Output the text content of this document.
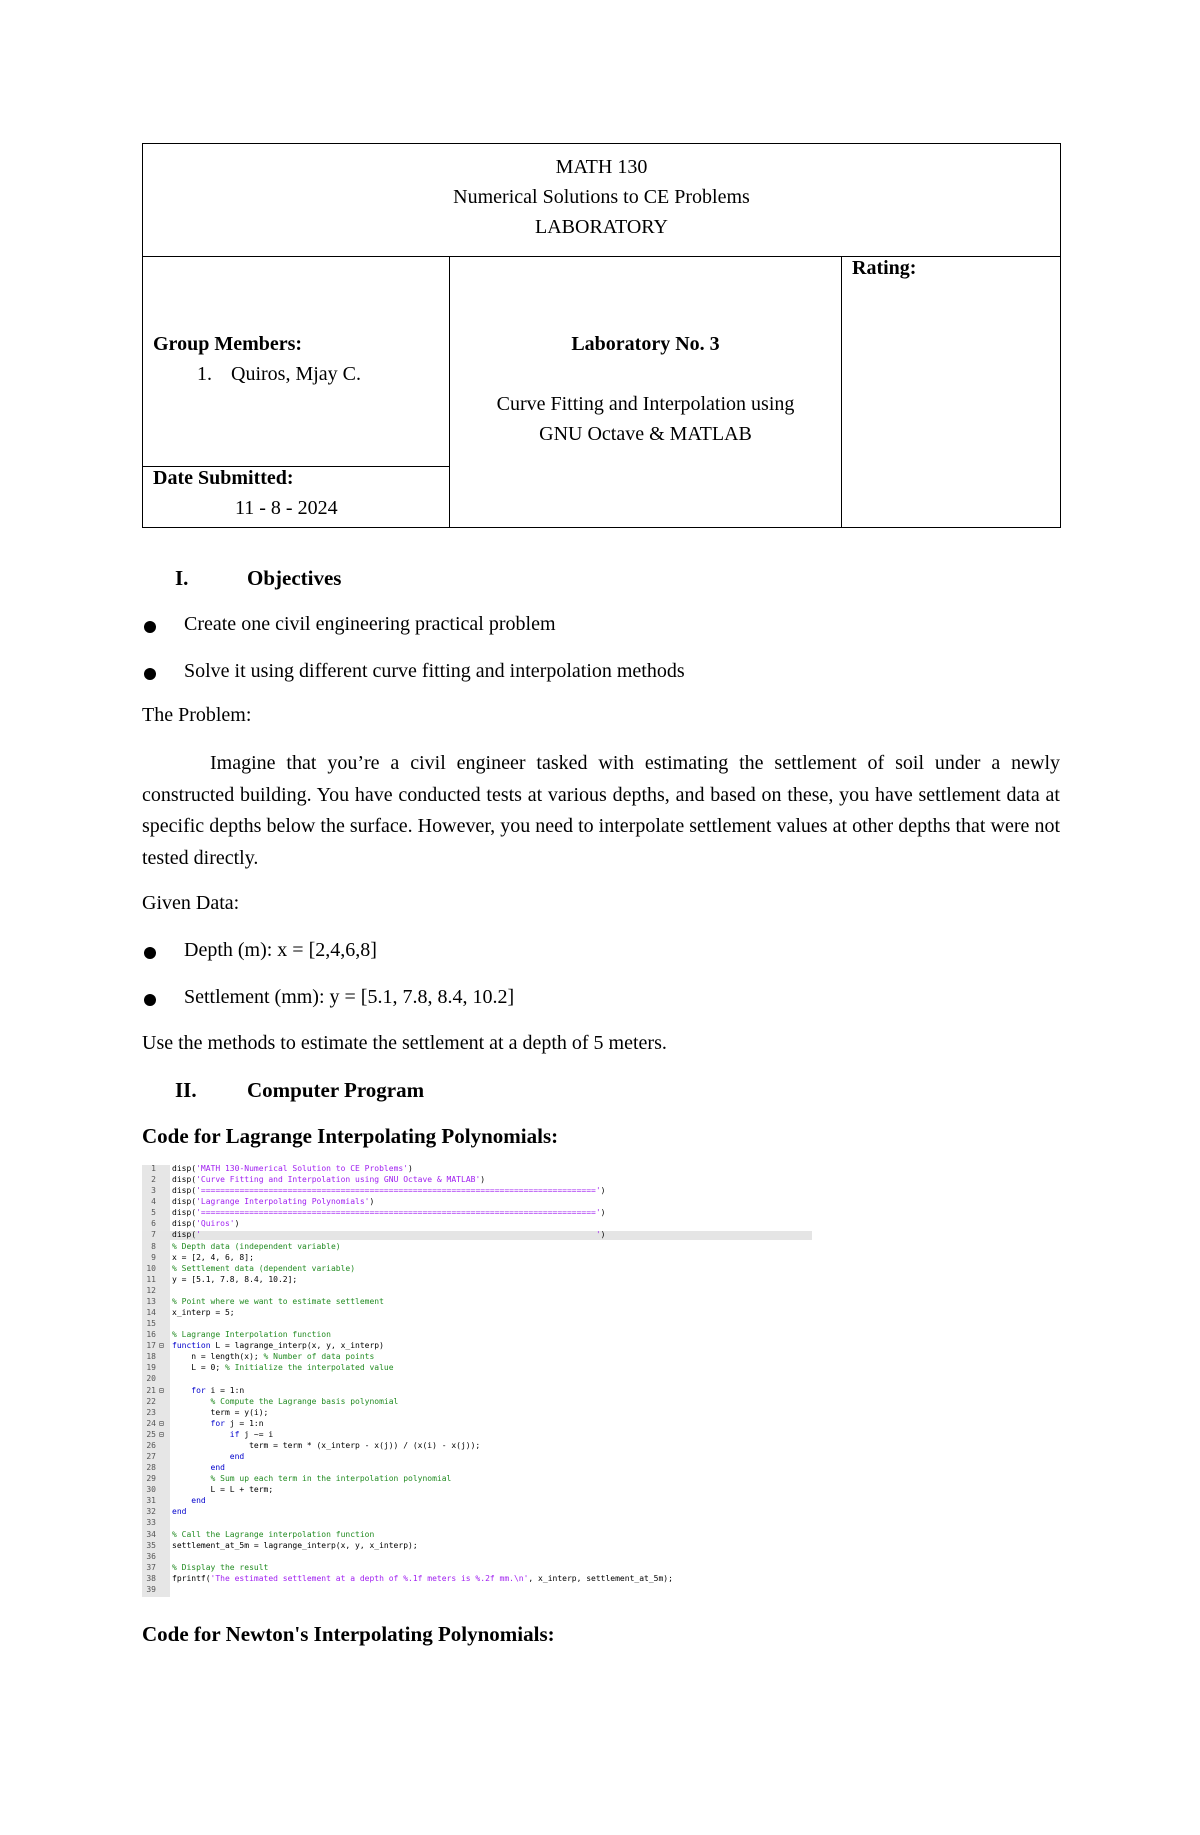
MATH 130
Numerical Solutions to CE Problems
LABORATORY

Group Members:
1. Quiros, Mjay C.

Laboratory No. 3
Curve Fitting and Interpolation using
GNU Octave & MATLAB

Rating:

Date Submitted:
11 - 8 - 2024
I.	Objectives
Create one civil engineering practical problem
Solve it using different curve fitting and interpolation methods
The Problem:
Imagine that you’re a civil engineer tasked with estimating the settlement of soil under a newly constructed building. You have conducted tests at various depths, and based on these, you have settlement data at specific depths below the surface. However, you need to interpolate settlement values at other depths that were not tested directly.
Given Data:
Depth (m): x = [2,4,6,8]
Settlement (mm): y = [5.1, 7.8, 8.4, 10.2]
Use the methods to estimate the settlement at a depth of 5 meters.
II. Computer Program
Code for Lagrange Interpolating Polynomials:
1 disp('MATH 130-Numerical Solution to CE Problems')
2 disp('Curve Fitting and Interpolation using GNU Octave & MATLAB')
3 disp('==================================================================================')
4 disp('Lagrange Interpolating Polynomials')
5 disp('==================================================================================')
6 disp('Quiros')
7 disp('                                                                                  ')
8 % Depth data (independent variable)
9 x = [2, 4, 6, 8];
10 % Settlement data (dependent variable)
11 y = [5.1, 7.8, 8.4, 10.2];
12
13 % Point where we want to estimate settlement
14 x_interp = 5;
15
16 % Lagrange Interpolation function
17 ⊟	function L = lagrange_interp(x, y, x_interp)
18 n = length(x); % Number of data points
19 L = 0; % Initialize the interpolated value
20
21 ⊟	for i = 1:n
22 % Compute the Lagrange basis polynomial
23 term = y(i);
24 ⊟	for j = 1:n
25 ⊟	if j ~= i
26 term = term * (x_interp - x(j)) / (x(i) - x(j));
27	end
28	end
29 % Sum up each term in the interpolation polynomial
30 L = L + term;
31	end
32 end
33
34 % Call the Lagrange interpolation function
35 settlement_at_5m = lagrange_interp(x, y, x_interp);
36
37 % Display the result
38 fprintf('The estimated settlement at a depth of %.1f meters is %.2f mm.\n', x_interp, settlement_at_5m);
39
Code for Newton's Interpolating Polynomials:
